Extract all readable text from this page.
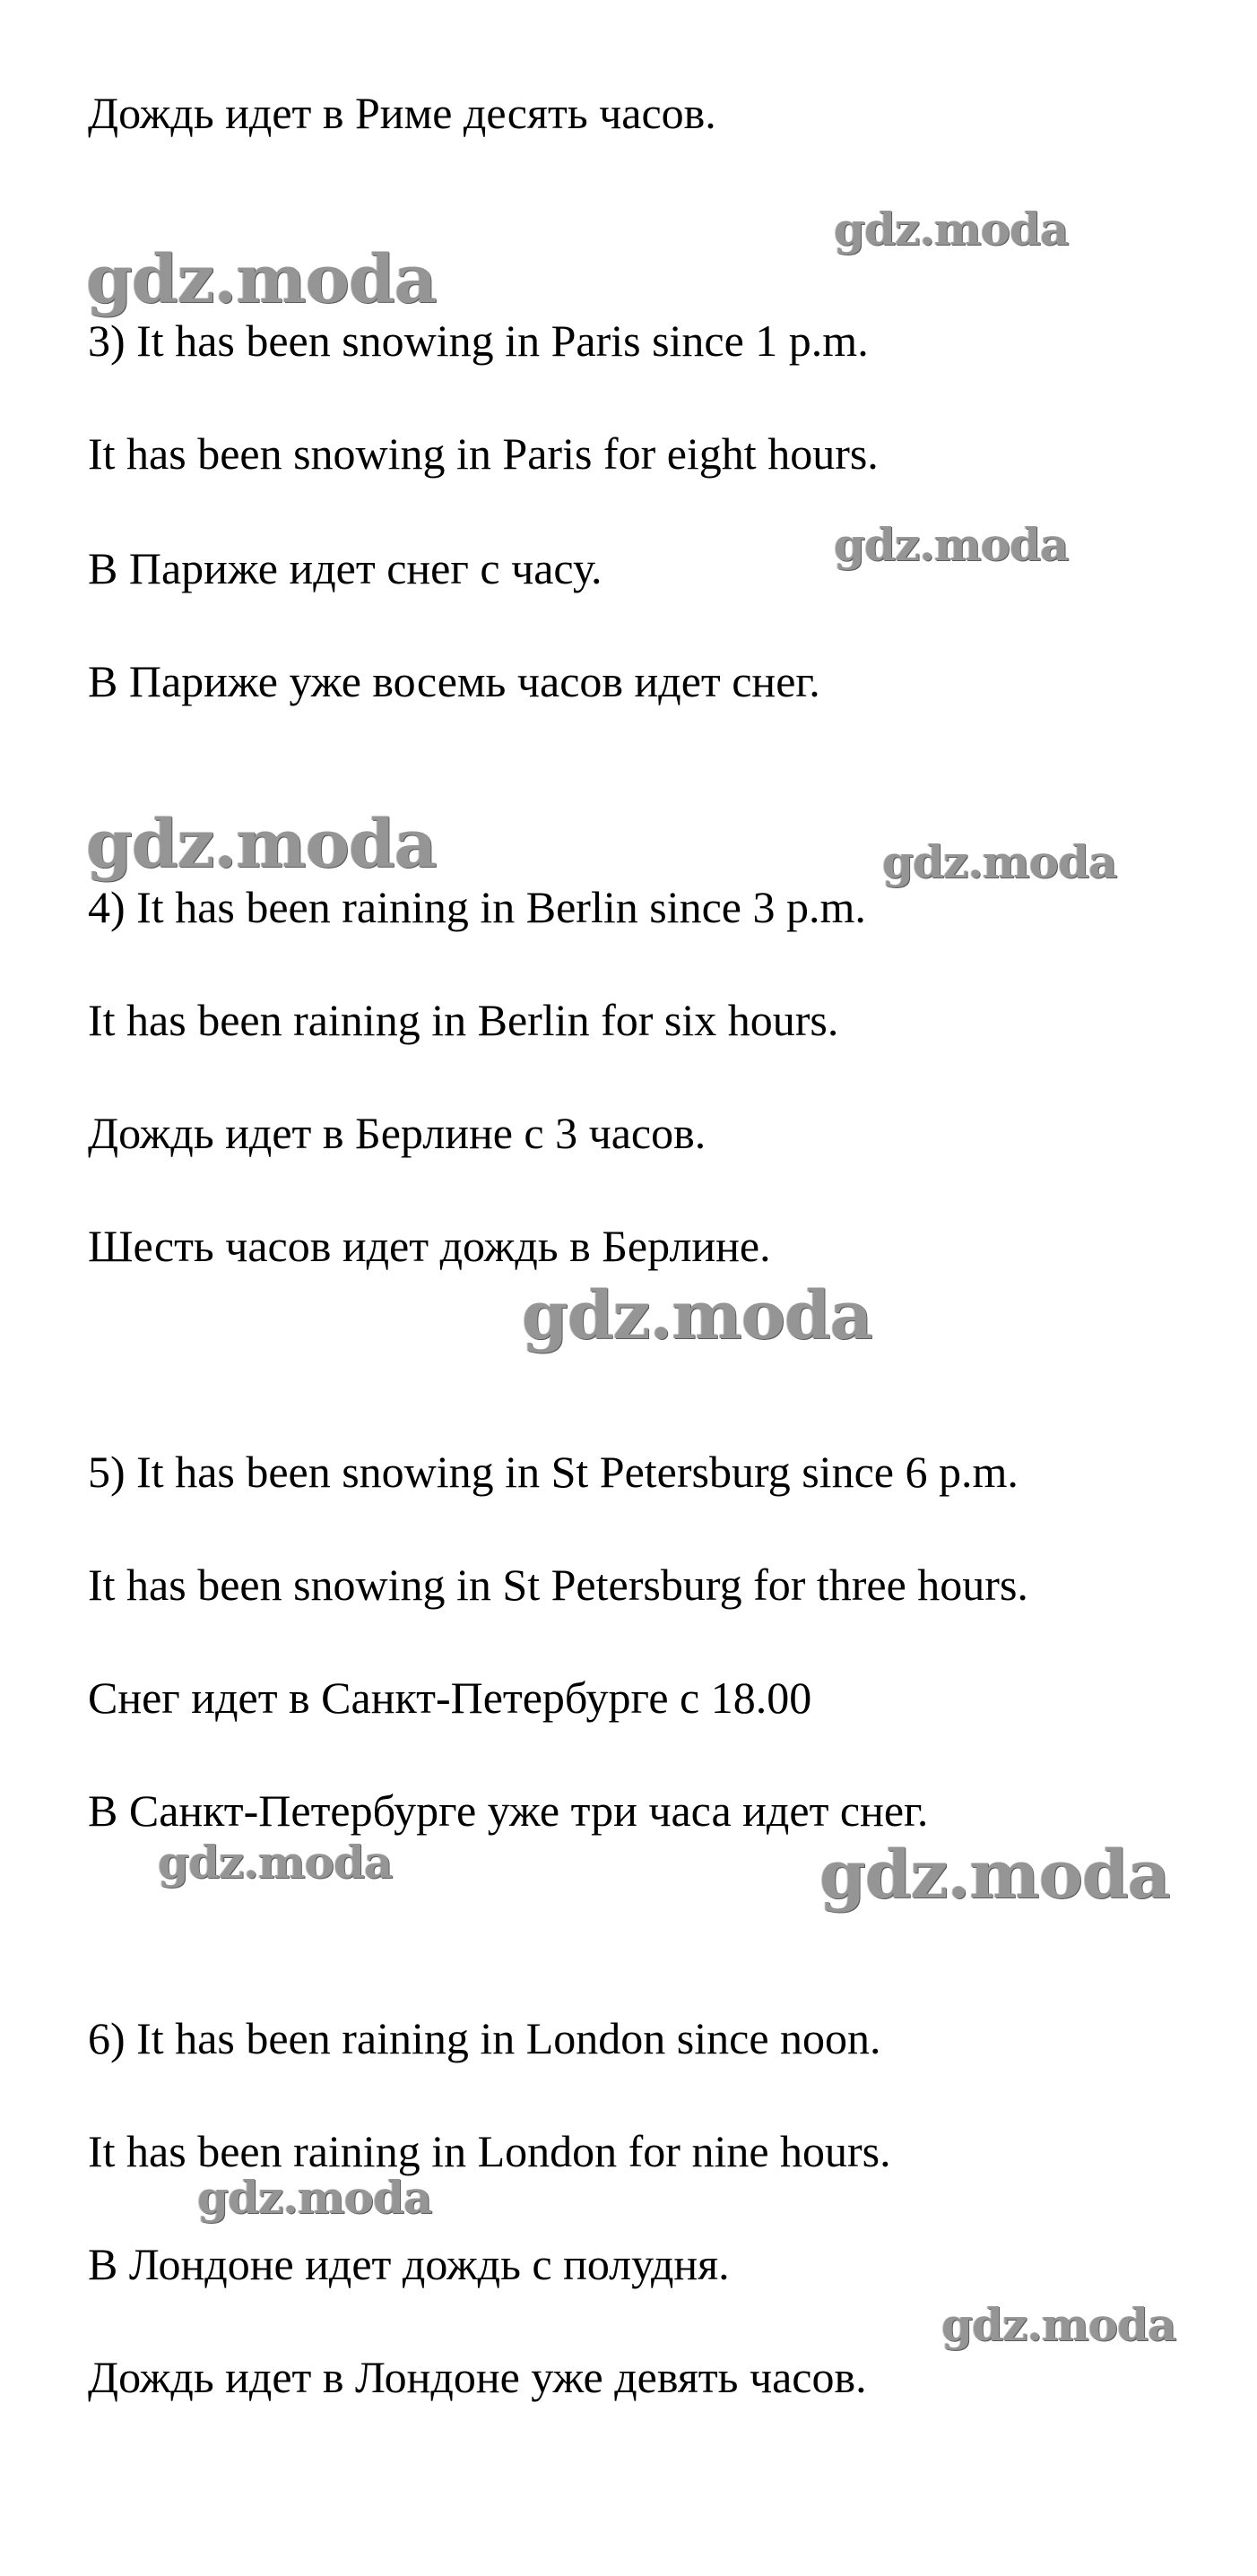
Дождь идет в Риме десять часов.

gdz.moda
gdz.moda

3) It has been snowing in Paris since 1 p.m.

It has been snowing in Paris for eight hours.

gdz.moda

В Париже идет снег с часу.

В Париже уже восемь часов идет снег.

gdz.moda	gdz.moda

4) It has been raining in Berlin since 3 p.m.

It has been raining in Berlin for six hours.

Дождь идет в Берлине с 3 часов.

Шесть часов идет дождь в Берлине.

gdz.moda

5) It has been snowing in St Petersburg since 6 p.m.

It has been snowing in St Petersburg for three hours.

Снег идет в Санкт-Петербурге с 18.00

В Санкт-Петербурге уже три часа идет снег.

gdz.moda	gdz.moda

6) It has been raining in London since noon.

It has been raining in London for nine hours.

gdz.moda

В Лондоне идет дождь с полудня.

gdz.moda

Дождь идет в Лондоне уже девять часов.
